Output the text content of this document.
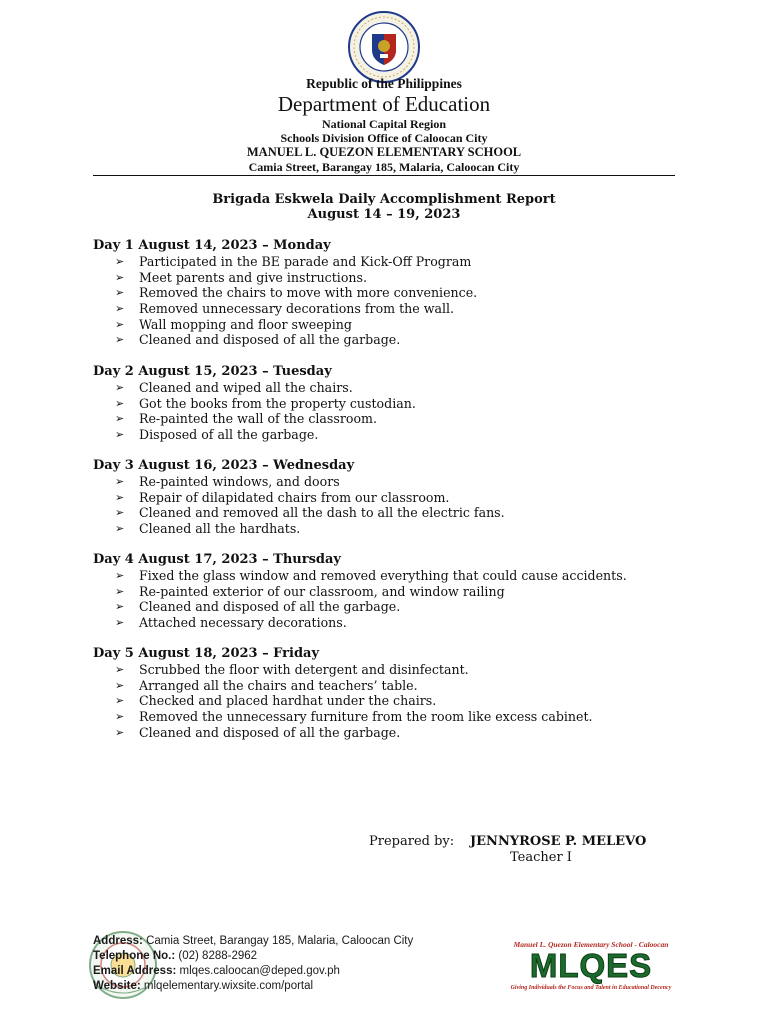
Republic of the Philippines
Department of Education
National Capital Region
Schools Division Office of Caloocan City
MANUEL L. QUEZON ELEMENTARY SCHOOL
Camia Street, Barangay 185, Malaria, Caloocan City
Brigada Eskwela Daily Accomplishment Report
August 14 – 19, 2023

Day 1 August 14, 2023 – Monday

➢ Participated in the BE parade and Kick-Off Program
➢ Meet parents and give instructions.
➢ Removed the chairs to move with more convenience.
➢ Removed unnecessary decorations from the wall.
➢ Wall mopping and floor sweeping
➢ Cleaned and disposed of all the garbage.

Day 2 August 15, 2023 – Tuesday

➢ Cleaned and wiped all the chairs.
➢ Got the books from the property custodian.
➢ Re-painted the wall of the classroom.
➢ Disposed of all the garbage.

Day 3 August 16, 2023 – Wednesday

➢ Re-painted windows, and doors
➢ Repair of dilapidated chairs from our classroom.
➢ Cleaned and removed all the dash to all the electric fans.
➢ Cleaned all the hardhats.

Day 4 August 17, 2023 – Thursday

➢ Fixed the glass window and removed everything that could cause accidents.
➢ Re-painted exterior of our classroom, and window railing
➢ Cleaned and disposed of all the garbage.
➢ Attached necessary decorations.

Day 5 August 18, 2023 – Friday

➢ Scrubbed the floor with detergent and disinfectant.
➢ Arranged all the chairs and teachers’ table.
➢ Checked and placed hardhat under the chairs.
➢ Removed the unnecessary furniture from the room like excess cabinet.
➢ Cleaned and disposed of all the garbage.
Prepared by: JENNYROSE P. MELEVO
Teacher I
Address: Camia Street, Barangay 185, Malaria, Caloocan City
Telephone No.: (02) 8288-2962
Email Address: mlqes.caloocan@deped.gov.ph
Website: mlqelementary.wixsite.com/portal
Manuel L. Quezon Elementary School - Caloocan
MLQES
Giving Individuals the Focus and Talent in Educational Decency
